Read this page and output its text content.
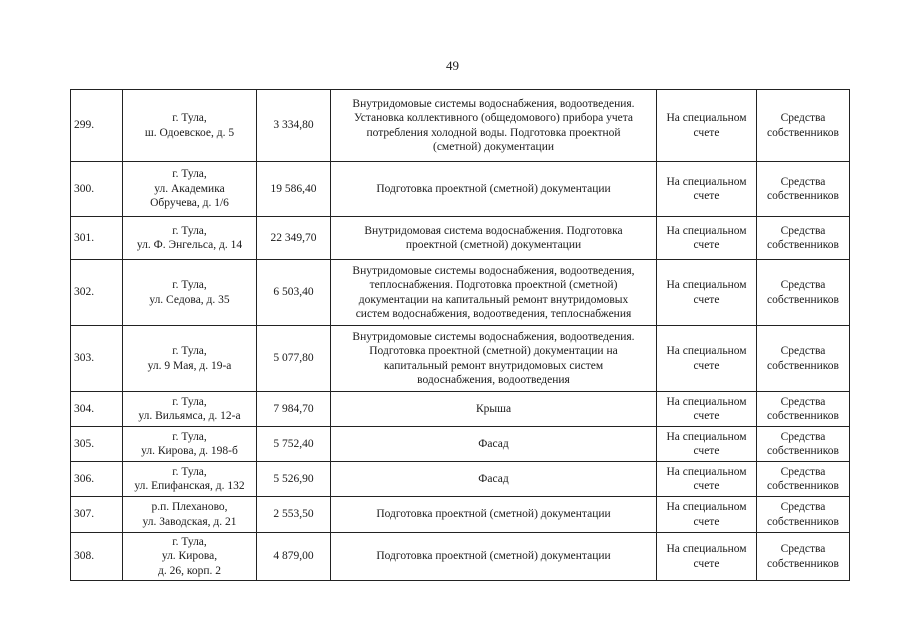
49
299.	г. Тула,
ш. Одоевское, д. 5	3 334,80	Внутридомовые системы водоснабжения, водоотведения.
Установка коллективного (общедомового) прибора учета
потребления холодной воды. Подготовка проектной
(сметной) документации	На специальном
счете	Средства
собственников

300.	г. Тула,
ул. Академика
Обручева, д. 1/6	19 586,40	Подготовка проектной (сметной) документации	На специальном
счете	Средства
собственников

301.	г. Тула,
ул. Ф. Энгельса, д. 14	22 349,70	Внутридомовая система водоснабжения. Подготовка
проектной (сметной) документации	На специальном
счете	Средства
собственников

302.	г. Тула,
ул. Седова, д. 35	6 503,40	Внутридомовые системы водоснабжения, водоотведения,
теплоснабжения. Подготовка проектной (сметной)
документации на капитальный ремонт внутридомовых
систем водоснабжения, водоотведения, теплоснабжения	На специальном
счете	Средства
собственников

303.	г. Тула,
ул. 9 Мая, д. 19-а	5 077,80	Внутридомовые системы водоснабжения, водоотведения.
Подготовка проектной (сметной) документации на
капитальный ремонт внутридомовых систем
водоснабжения, водоотведения	На специальном
счете	Средства
собственников

304.	г. Тула,
ул. Вильямса, д. 12-а	7 984,70	Крыша	На специальном
счете	Средства
собственников

305.	г. Тула,
ул. Кирова, д. 198-б	5 752,40	Фасад	На специальном
счете	Средства
собственников

306.	г. Тула,
ул. Епифанская, д. 132	5 526,90	Фасад	На специальном
счете	Средства
собственников

307.	р.п. Плеханово,
ул. Заводская, д. 21	2 553,50	Подготовка проектной (сметной) документации	На специальном
счете	Средства
собственников

308.	г. Тула,
ул. Кирова,
д. 26, корп. 2	4 879,00	Подготовка проектной (сметной) документации	На специальном
счете	Средства
собственников
